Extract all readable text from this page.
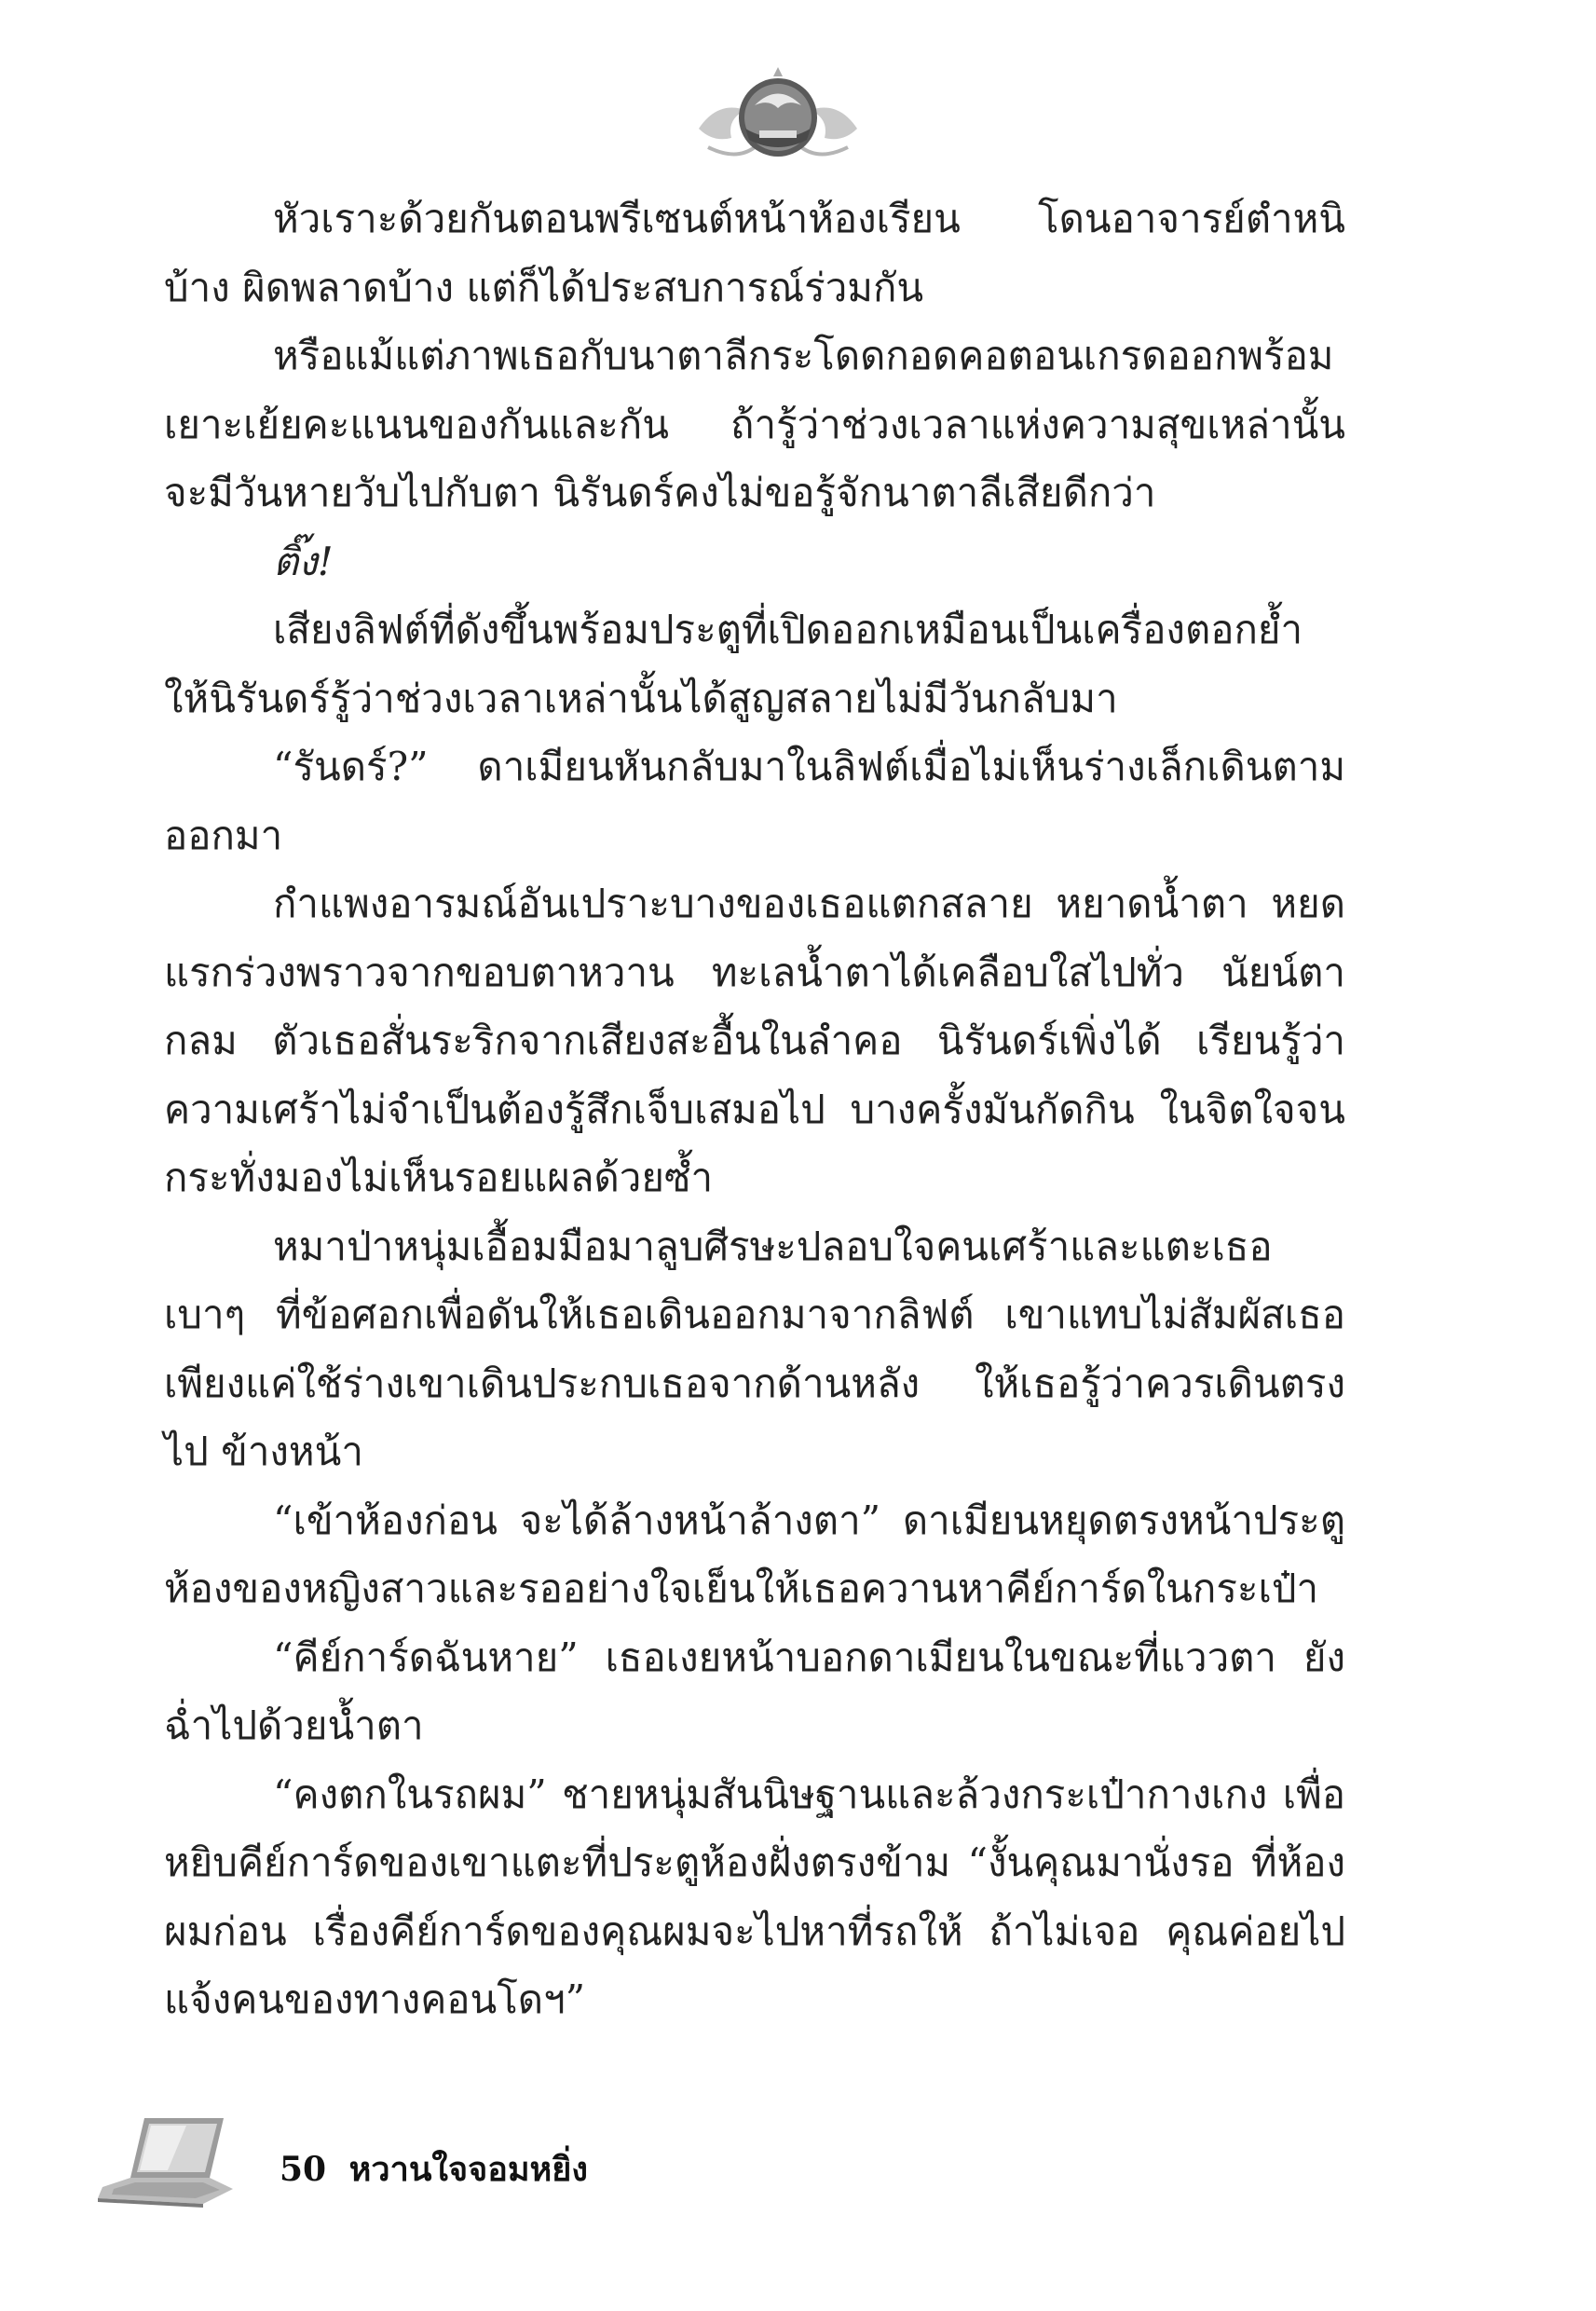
หัวเราะด้วยกันตอนพรีเซนต์หน้าห้องเรียน โดนอาจารย์ตำหนิบ้าง ผิดพลาดบ้าง แต่ก็ได้ประสบการณ์ร่วมกัน

หรือแม้แต่ภาพเธอกับนาตาลีกระโดดกอดคอตอนเกรดออกพร้อม เยาะเย้ยคะแนนของกันและกัน ถ้ารู้ว่าช่วงเวลาแห่งความสุขเหล่านั้น จะมีวันหายวับไปกับตา นิรันดร์คงไม่ขอรู้จักนาตาลีเสียดีกว่า

ติ๊ง!

เสียงลิฟต์ที่ดังขึ้นพร้อมประตูที่เปิดออกเหมือนเป็นเครื่องตอกย้ำ ให้นิรันดร์รู้ว่าช่วงเวลาเหล่านั้นได้สูญสลายไม่มีวันกลับมา

“รันดร์?” ดาเมียนหันกลับมาในลิฟต์เมื่อไม่เห็นร่างเล็กเดินตาม ออกมา

กำแพงอารมณ์อันเปราะบางของเธอแตกสลาย หยาดน้ำตา หยดแรกร่วงพราวจากขอบตาหวาน ทะเลน้ำตาได้เคลือบใสไปทั่ว นัยน์ตากลม ตัวเธอสั่นระริกจากเสียงสะอื้นในลำคอ นิรันดร์เพิ่งได้ เรียนรู้ว่าความเศร้าไม่จำเป็นต้องรู้สึกเจ็บเสมอไป บางครั้งมันกัดกิน ในจิตใจจนกระทั่งมองไม่เห็นรอยแผลด้วยซ้ำ

หมาป่าหนุ่มเอื้อมมือมาลูบศีรษะปลอบใจคนเศร้าและแตะเธอ เบาๆ ที่ข้อศอกเพื่อดันให้เธอเดินออกมาจากลิฟต์ เขาแทบไม่สัมผัสเธอ เพียงแค่ใช้ร่างเขาเดินประกบเธอจากด้านหลัง ให้เธอรู้ว่าควรเดินตรงไป ข้างหน้า

“เข้าห้องก่อน จะได้ล้างหน้าล้างตา” ดาเมียนหยุดตรงหน้าประตู ห้องของหญิงสาวและรออย่างใจเย็นให้เธอควานหาคีย์การ์ดในกระเป๋า

“คีย์การ์ดฉันหาย” เธอเงยหน้าบอกดาเมียนในขณะที่แววตา ยังฉ่ำไปด้วยน้ำตา

“คงตกในรถผม” ชายหนุ่มสันนิษฐานและล้วงกระเป๋ากางเกง เพื่อหยิบคีย์การ์ดของเขาแตะที่ประตูห้องฝั่งตรงข้าม “งั้นคุณมานั่งรอ ที่ห้องผมก่อน เรื่องคีย์การ์ดของคุณผมจะไปหาที่รถให้ ถ้าไม่เจอ คุณค่อยไปแจ้งคนของทางคอนโดฯ”

50 หวานใจจอมหยิ่ง
